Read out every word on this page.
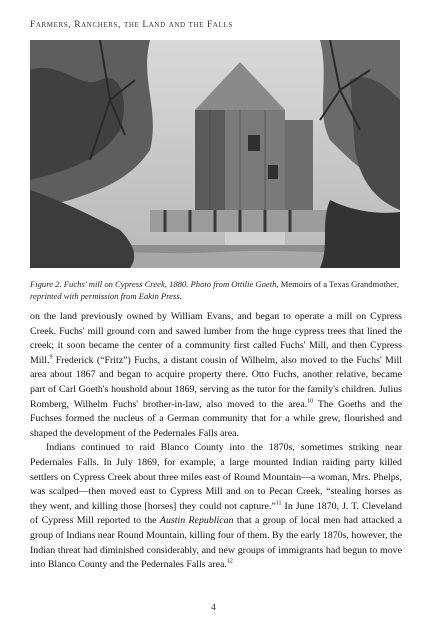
Farmers, Ranchers, the Land and the Falls
Figure 2. Fuchs' mill on Cypress Creek, 1880. Photo from Ottilie Goeth, Memoirs of a Texas Grandmother, reprinted with permission from Eakin Press.

on the land previously owned by William Evans, and began to operate a mill on Cypress Creek. Fuchs' mill ground corn and sawed lumber from the huge cypress trees that lined the creek; it soon became the center of a community first called Fuchs' Mill, and then Cypress Mill.$^9$ Frederick (“Fritz”) Fuchs, a distant cousin of Wilhelm, also moved to the Fuchs' Mill area about 1867 and began to acquire property there. Otto Fuchs, another relative, became part of Carl Goeth's houshold about 1869, serving as the tutor for the family's children. Julius Romberg, Wilhelm Fuchs' brother-in-law, also moved to the area.$^{10}$ The Goeths and the Fuchses formed the nucleus of a German community that for a while grew, flourished and shaped the development of the Pedernales Falls area.

Indians continued to raid Blanco County into the 1870s, sometimes striking near Pedernales Falls. In July 1869, for example, a large mounted Indian raiding party killed settlers on Cypress Creek about three miles east of Round Mountain—a woman, Mrs. Phelps, was scalped—then moved east to Cypress Mill and on to Pecan Creek, “stealing horses as they went, and killing those [horses] they could not capture.”$^{11}$ In June 1870, J. T. Cleveland of Cypress Mill reported to the Austin Republican that a group of local men had attacked a group of Indians near Round Mountain, killing four of them. By the early 1870s, however, the Indian threat had diminished considerably, and new groups of immigrants had begun to move into Blanco County and the Pedernales Falls area.$^{12}$

4
